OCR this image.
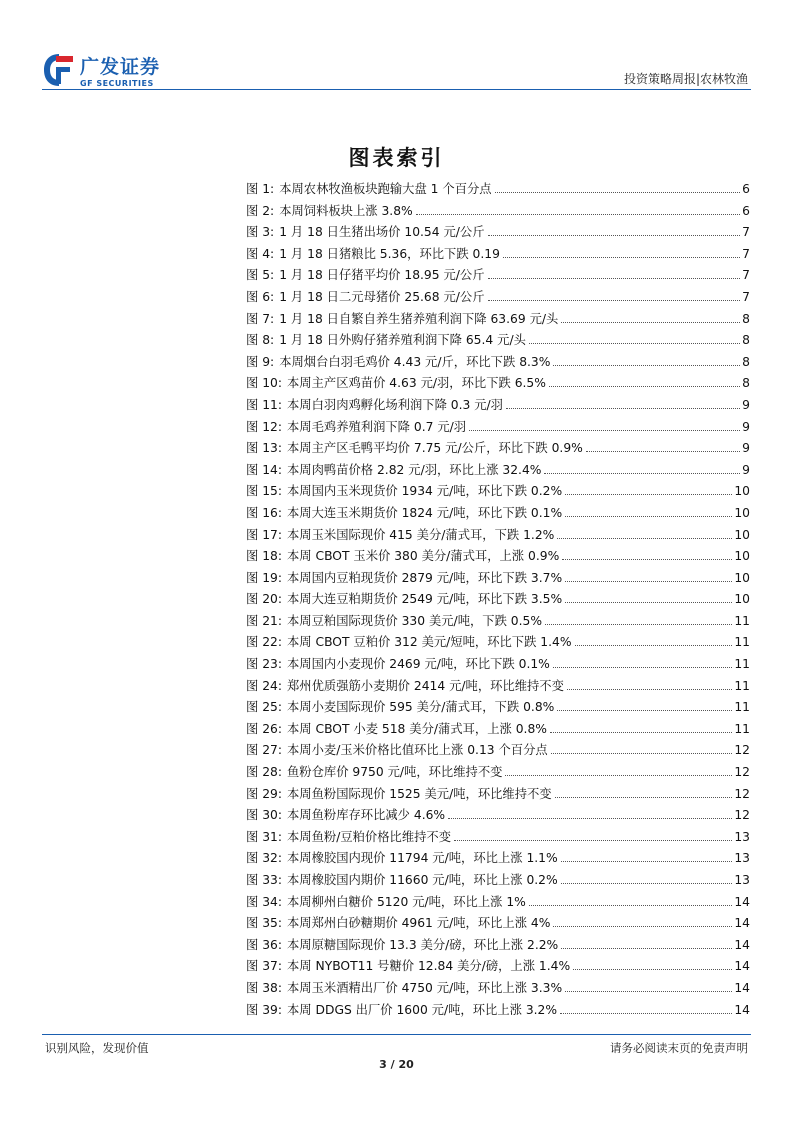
广发证券
GF SECURITIES	投资策略周报|农林牧渔
图表索引
图 1: 本周农林牧渔板块跑输大盘 1 个百分点	6
图 2: 本周饲料板块上涨 3.8%	6
图 3: 1 月 18 日生猪出场价 10.54 元/公斤	7
图 4: 1 月 18 日猪粮比 5.36，环比下跌 0.19	7
图 5: 1 月 18 日仔猪平均价 18.95 元/公斤	7
图 6: 1 月 18 日二元母猪价 25.68 元/公斤	7
图 7: 1 月 18 日自繁自养生猪养殖利润下降 63.69 元/头	8
图 8: 1 月 18 日外购仔猪养殖利润下降 65.4 元/头	8
图 9: 本周烟台白羽毛鸡价 4.43 元/斤，环比下跌 8.3%	8
图 10: 本周主产区鸡苗价 4.63 元/羽，环比下跌 6.5%	8
图 11: 本周白羽肉鸡孵化场利润下降 0.3 元/羽	9
图 12: 本周毛鸡养殖利润下降 0.7 元/羽	9
图 13: 本周主产区毛鸭平均价 7.75 元/公斤，环比下跌 0.9%	9
图 14: 本周肉鸭苗价格 2.82 元/羽，环比上涨 32.4%	9
图 15: 本周国内玉米现货价 1934 元/吨，环比下跌 0.2%	10
图 16: 本周大连玉米期货价 1824 元/吨，环比下跌 0.1%	10
图 17: 本周玉米国际现价 415 美分/蒲式耳，下跌 1.2%	10
图 18: 本周 CBOT 玉米价 380 美分/蒲式耳，上涨 0.9%	10
图 19: 本周国内豆粕现货价 2879 元/吨，环比下跌 3.7%	10
图 20: 本周大连豆粕期货价 2549 元/吨，环比下跌 3.5%	10
图 21: 本周豆粕国际现货价 330 美元/吨，下跌 0.5%	11
图 22: 本周 CBOT 豆粕价 312 美元/短吨，环比下跌 1.4%	11
图 23: 本周国内小麦现价 2469 元/吨，环比下跌 0.1%	11
图 24: 郑州优质强筋小麦期价 2414 元/吨，环比维持不变	11
图 25: 本周小麦国际现价 595 美分/蒲式耳，下跌 0.8%	11
图 26: 本周 CBOT 小麦 518 美分/蒲式耳，上涨 0.8%	11
图 27: 本周小麦/玉米价格比值环比上涨 0.13 个百分点	12
图 28: 鱼粉仓库价 9750 元/吨，环比维持不变	12
图 29: 本周鱼粉国际现价 1525 美元/吨，环比维持不变	12
图 30: 本周鱼粉库存环比减少 4.6%	12
图 31: 本周鱼粉/豆粕价格比维持不变	13
图 32: 本周橡胶国内现价 11794 元/吨，环比上涨 1.1%	13
图 33: 本周橡胶国内期价 11660 元/吨，环比上涨 0.2%	13
图 34: 本周柳州白糖价 5120 元/吨，环比上涨 1%	14
图 35: 本周郑州白砂糖期价 4961 元/吨，环比上涨 4%	14
图 36: 本周原糖国际现价 13.3 美分/磅，环比上涨 2.2%	14
图 37: 本周 NYBOT11 号糖价 12.84 美分/磅，上涨 1.4%	14
图 38: 本周玉米酒精出厂价 4750 元/吨，环比上涨 3.3%	14
图 39: 本周 DDGS 出厂价 1600 元/吨，环比上涨 3.2%	14
识别风险，发现价值	请务必阅读末页的免责声明
3 / 20
